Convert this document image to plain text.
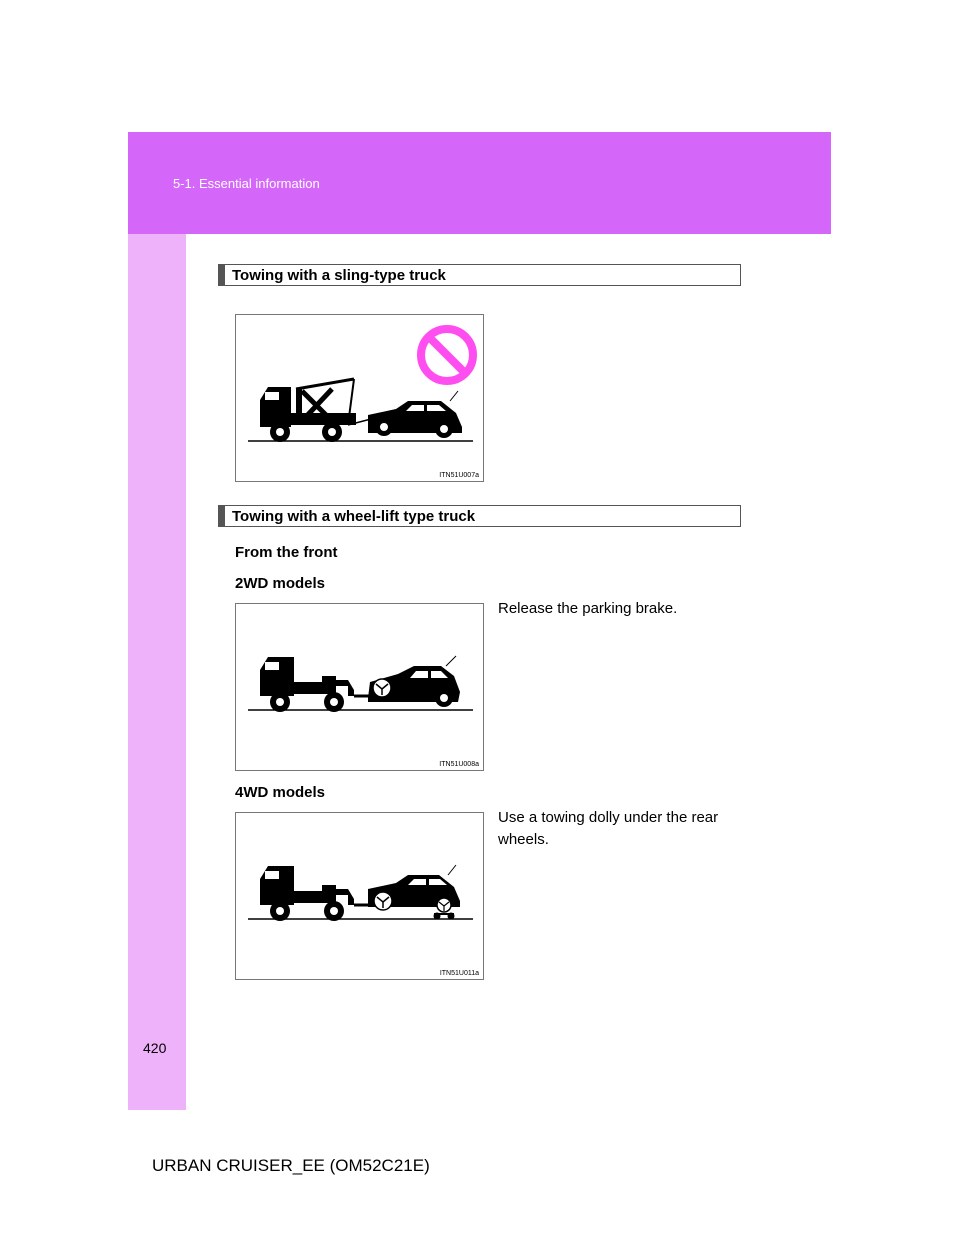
5-1. Essential information
420
Towing with a sling-type truck
ITN51U007a
Towing with a wheel-lift type truck
From the front
2WD models
Release the parking brake.
ITN51U008a
4WD models
Use a towing dolly under the rear wheels.
ITN51U011a
URBAN CRUISER_EE (OM52C21E)
